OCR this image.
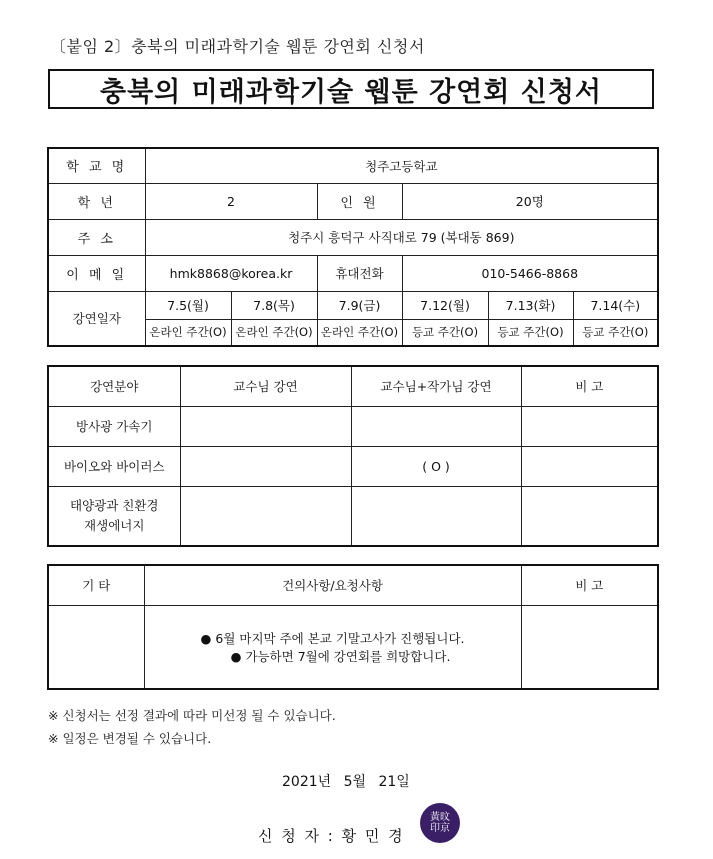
〔붙임 2〕충북의 미래과학기술 웹툰 강연회 신청서
충북의 미래과학기술 웹툰 강연회 신청서
학 교 명	청주고등학교					
학 년	2		인 원	20명		
주 소	청주시 흥덕구 사직대로 79 (복대동 869)					
이 메 일	hmk8868@korea.kr		휴대전화	010-5466-8868		
강연일자	7.5(월)	7.8(목)	7.9(금)	7.12(월)	7.13(화)	7.14(수)
	온라인 주간(O)	온라인 주간(O)	온라인 주간(O)	등교 주간(O)	등교 주간(O)	등교 주간(O)
강연분야	교수님 강연	교수님+작가님 강연	비 고
방사광 가속기			
바이오와 바이러스		( O )	
태양광과 친환경
재생에너지			
기 타	건의사항/요청사항	비 고

	● 6월 마지막 주에 본교 기말고사가 진행됩니다.
● 가능하면 7월에 강연회를 희망합니다.	

※ 신청서는 선정 결과에 따라 미선정 될 수 있습니다.
※ 일정은 변경될 수 있습니다.
2021년 5월 21일
신 청 자 : 황 민 경
黃旼
印京
